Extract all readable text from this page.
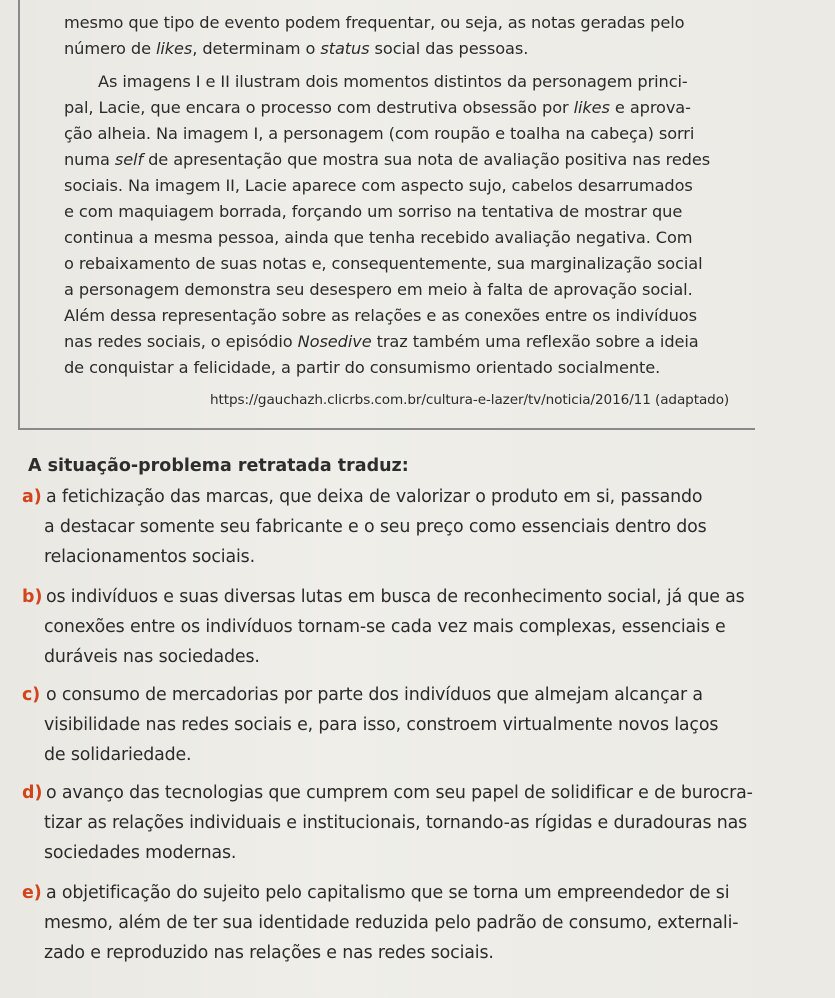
mesmo que tipo de evento podem frequentar, ou seja, as notas geradas pelo
número de likes, determinam o status social das pessoas.
As imagens I e II ilustram dois momentos distintos da personagem princi-
pal, Lacie, que encara o processo com destrutiva obsessão por likes e aprova-
ção alheia. Na imagem I, a personagem (com roupão e toalha na cabeça) sorri
numa self de apresentação que mostra sua nota de avaliação positiva nas redes
sociais. Na imagem II, Lacie aparece com aspecto sujo, cabelos desarrumados
e com maquiagem borrada, forçando um sorriso na tentativa de mostrar que
continua a mesma pessoa, ainda que tenha recebido avaliação negativa. Com
o rebaixamento de suas notas e, consequentemente, sua marginalização social
a personagem demonstra seu desespero em meio à falta de aprovação social.
Além dessa representação sobre as relações e as conexões entre os indivíduos
nas redes sociais, o episódio Nosedive traz também uma reflexão sobre a ideia
de conquistar a felicidade, a partir do consumismo orientado socialmente.
https://gauchazh.clicrbs.com.br/cultura-e-lazer/tv/noticia/2016/11 (adaptado)
A situação-problema retratada traduz:
a) a fetichização das marcas, que deixa de valorizar o produto em si, passando
a destacar somente seu fabricante e o seu preço como essenciais dentro dos
relacionamentos sociais.
b) os indivíduos e suas diversas lutas em busca de reconhecimento social, já que as
conexões entre os indivíduos tornam-se cada vez mais complexas, essenciais e
duráveis nas sociedades.
c) o consumo de mercadorias por parte dos indivíduos que almejam alcançar a
visibilidade nas redes sociais e, para isso, constroem virtualmente novos laços
de solidariedade.
d) o avanço das tecnologias que cumprem com seu papel de solidificar e de burocra-
tizar as relações individuais e institucionais, tornando-as rígidas e duradouras nas
sociedades modernas.
e) a objetificação do sujeito pelo capitalismo que se torna um empreendedor de si
mesmo, além de ter sua identidade reduzida pelo padrão de consumo, externali-
zado e reproduzido nas relações e nas redes sociais.
